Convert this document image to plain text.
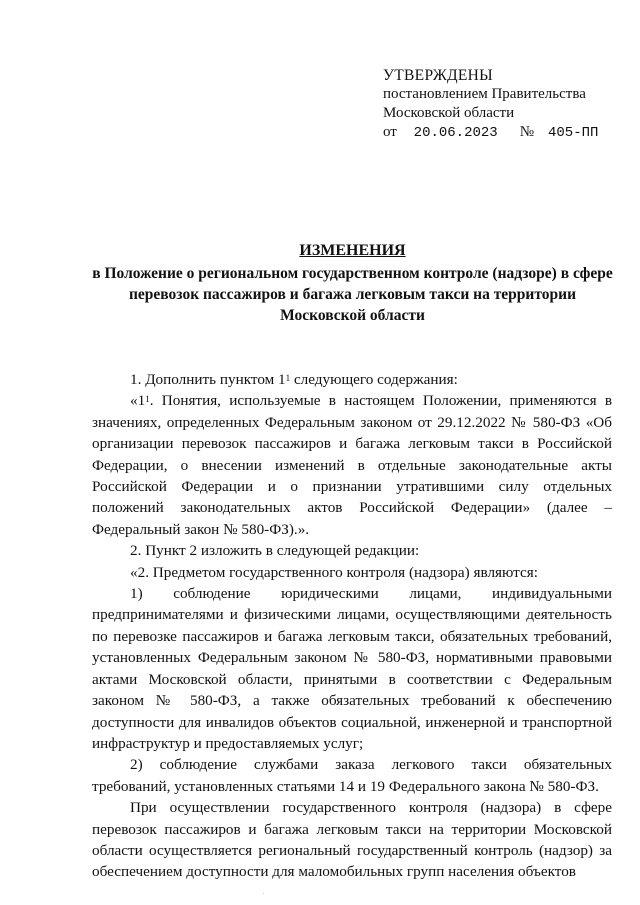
УТВЕРЖДЕНЫ
постановлением Правительства
Московской области
от 20.06.2023 № 405-ПП
ИЗМЕНЕНИЯ
в Положение о региональном государственном контроле (надзоре) в сфере
перевозок пассажиров и багажа легковым такси на территории
Московской области

1. Дополнить пунктом $1^1$ следующего содержания:

«$1^1$. Понятия, используемые в настоящем Положении, применяются в значениях, определенных Федеральным законом от 29.12.2022 № 580-ФЗ «Об организации перевозок пассажиров и багажа легковым такси в Российской Федерации, о внесении изменений в отдельные законодательные акты Российской Федерации и о признании утратившими силу отдельных положений законодательных актов Российской Федерации» (далее – Федеральный закон № 580-ФЗ).».

2. Пункт 2 изложить в следующей редакции:

«2. Предметом государственного контроля (надзора) являются:

1) соблюдение юридическими лицами, индивидуальными предпринимателями и физическими лицами, осуществляющими деятельность по перевозке пассажиров и багажа легковым такси, обязательных требований, установленных Федеральным законом № 580-ФЗ, нормативными правовыми актами Московской области, принятыми в соответствии с Федеральным законом № 580-ФЗ, а также обязательных требований к обеспечению доступности для инвалидов объектов социальной, инженерной и транспортной инфраструктур и предоставляемых услуг;

2) соблюдение службами заказа легкового такси обязательных требований, установленных статьями 14 и 19 Федерального закона № 580-ФЗ.

При осуществлении государственного контроля (надзора) в сфере перевозок пассажиров и багажа легковым такси на территории Московской области осуществляется региональный государственный контроль (надзор) за обеспечением доступности для маломобильных групп населения объектов

.
